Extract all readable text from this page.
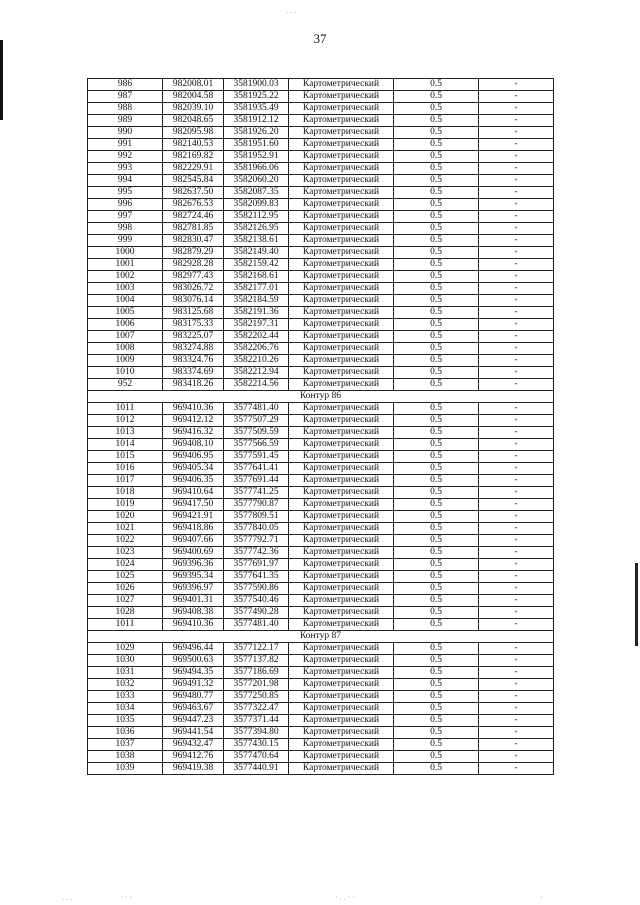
37
. . .
. . .	· · ·	· . . · ·	·
986	982008.01	3581900.03	Картометрический	0.5	-
987	982004.58	3581925.22	Картометрический	0.5	-
988	982039.10	3581935.49	Картометрический	0.5	-
989	982048.65	3581912.12	Картометрический	0.5	-
990	982095.98	3581926.20	Картометрический	0.5	-
991	982140.53	3581951.60	Картометрический	0.5	-
992	982169.82	3581952.91	Картометрический	0.5	-
993	982229.91	3581966.06	Картометрический	0.5	-
994	982545.84	3582060.20	Картометрический	0.5	-
995	982637.50	3582087.35	Картометрический	0.5	-
996	982676.53	3582099.83	Картометрический	0.5	-
997	982724.46	3582112.95	Картометрический	0.5	-
998	982781.85	3582126.95	Картометрический	0.5	-
999	982830.47	3582138.61	Картометрический	0.5	-
1000	982879.29	3582149.40	Картометрический	0.5	-
1001	982928.28	3582159.42	Картометрический	0.5	-
1002	982977.43	3582168.61	Картометрический	0.5	-
1003	983026.72	3582177.01	Картометрический	0.5	-
1004	983076.14	3582184.59	Картометрический	0.5	-
1005	983125.68	3582191.36	Картометрический	0.5	-
1006	983175.33	3582197.31	Картометрический	0.5	-
1007	983225.07	3582202.44	Картометрический	0.5	-
1008	983274.88	3582206.76	Картометрический	0.5	-
1009	983324.76	3582210.26	Картометрический	0.5	-
1010	983374.69	3582212.94	Картометрический	0.5	-
952	983418.26	3582214.56	Картометрический	0.5	-
Контур 86					
1011	969410.36	3577481.40	Картометрический	0.5	-
1012	969412.12	3577507.29	Картометрический	0.5	-
1013	969416.32	3577509.59	Картометрический	0.5	-
1014	969408.10	3577566.59	Картометрический	0.5	-
1015	969406.95	3577591.45	Картометрический	0.5	-
1016	969405.34	3577641.41	Картометрический	0.5	-
1017	969406.35	3577691.44	Картометрический	0.5	-
1018	969410.64	3577741.25	Картометрический	0.5	-
1019	969417.50	3577790.87	Картометрический	0.5	-
1020	969421.91	3577809.51	Картометрический	0.5	-
1021	969418.86	3577840.05	Картометрический	0.5	-
1022	969407.66	3577792.71	Картометрический	0.5	-
1023	969400.69	3577742.36	Картометрический	0.5	-
1024	969396.36	3577691.97	Картометрический	0.5	-
1025	969395.34	3577641.35	Картометрический	0.5	-
1026	969396.97	3577590.86	Картометрический	0.5	-
1027	969401.31	3577540.46	Картометрический	0.5	-
1028	969408.38	3577490.28	Картометрический	0.5	-
1011	969410.36	3577481.40	Картометрический	0.5	-
Контур 87					
1029	969496.44	3577122.17	Картометрический	0.5	-
1030	969500.63	3577137.82	Картометрический	0.5	-
1031	969494.35	3577186.69	Картометрический	0.5	-
1032	969491.32	3577201.98	Картометрический	0.5	-
1033	969480.77	3577250.85	Картометрический	0.5	-
1034	969463.67	3577322.47	Картометрический	0.5	-
1035	969447.23	3577371.44	Картометрический	0.5	-
1036	969441.54	3577394.80	Картометрический	0.5	-
1037	969432.47	3577430.15	Картометрический	0.5	-
1038	969412.76	3577470.64	Картометрический	0.5	-
1039	969419.38	3577440.91	Картометрический	0.5	-
